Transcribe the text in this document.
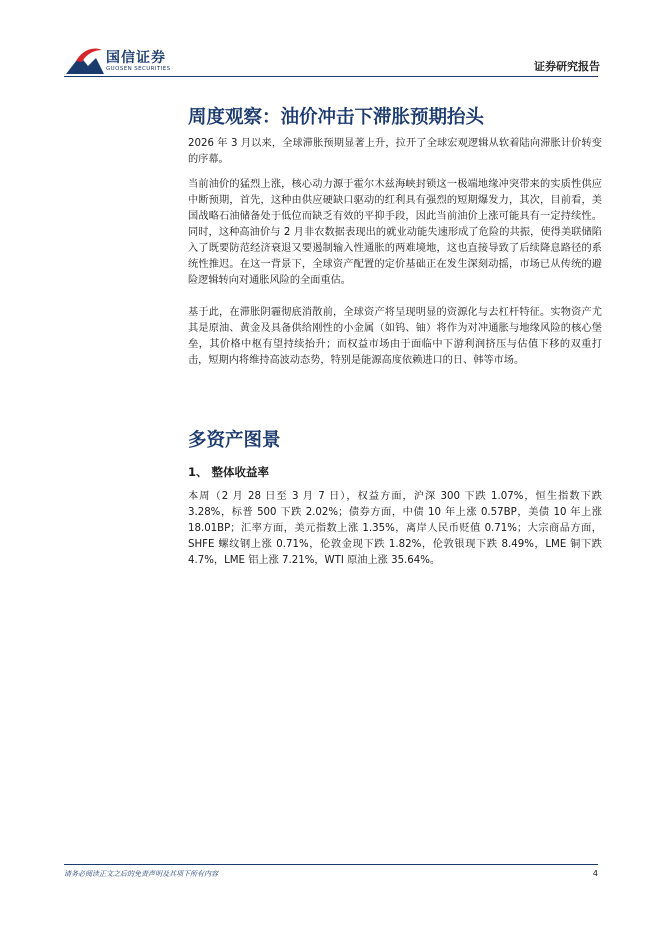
国信证券
GUOSEN SECURITIES	证券研究报告
周度观察：油价冲击下滞胀预期抬头

2026 年 3 月以来，全球滞胀预期显著上升，拉开了全球宏观逻辑从软着陆向滞胀计价转变的序幕。

当前油价的猛烈上涨，核心动力源于霍尔木兹海峡封锁这一极端地缘冲突带来的实质性供应中断预期，首先，这种由供应硬缺口驱动的红利具有强烈的短期爆发力，其次，目前看，美国战略石油储备处于低位而缺乏有效的平抑手段，因此当前油价上涨可能具有一定持续性。同时，这种高油价与 2 月非农数据表现出的就业动能失速形成了危险的共振，使得美联储陷入了既要防范经济衰退又要遏制输入性通胀的两难境地，这也直接导致了后续降息路径的系统性推迟。在这一背景下，全球资产配置的定价基础正在发生深刻动摇，市场已从传统的避险逻辑转向对通胀风险的全面重估。

基于此，在滞胀阴霾彻底消散前，全球资产将呈现明显的资源化与去杠杆特征。实物资产尤其是原油、黄金及具备供给刚性的小金属（如钨、铀）将作为对冲通胀与地缘风险的核心堡垒，其价格中枢有望持续抬升；而权益市场由于面临中下游利润挤压与估值下移的双重打击，短期内将维持高波动态势，特别是能源高度依赖进口的日、韩等市场。

多资产图景
1、 整体收益率

本周（2 月 28 日至 3 月 7 日），权益方面，沪深 300 下跌 1.07%，恒生指数下跌 3.28%，标普 500 下跌 2.02%；债券方面，中债 10 年上涨 0.57BP，美债 10 年上涨 18.01BP；汇率方面，美元指数上涨 1.35%，离岸人民币贬值 0.71%；大宗商品方面，SHFE 螺纹钢上涨 0.71%，伦敦金现下跌 1.82%，伦敦银现下跌 8.49%，LME 铜下跌 4.7%，LME 铝上涨 7.21%，WTI 原油上涨 35.64%。

请务必阅读正文之后的免责声明及其项下所有内容	4
